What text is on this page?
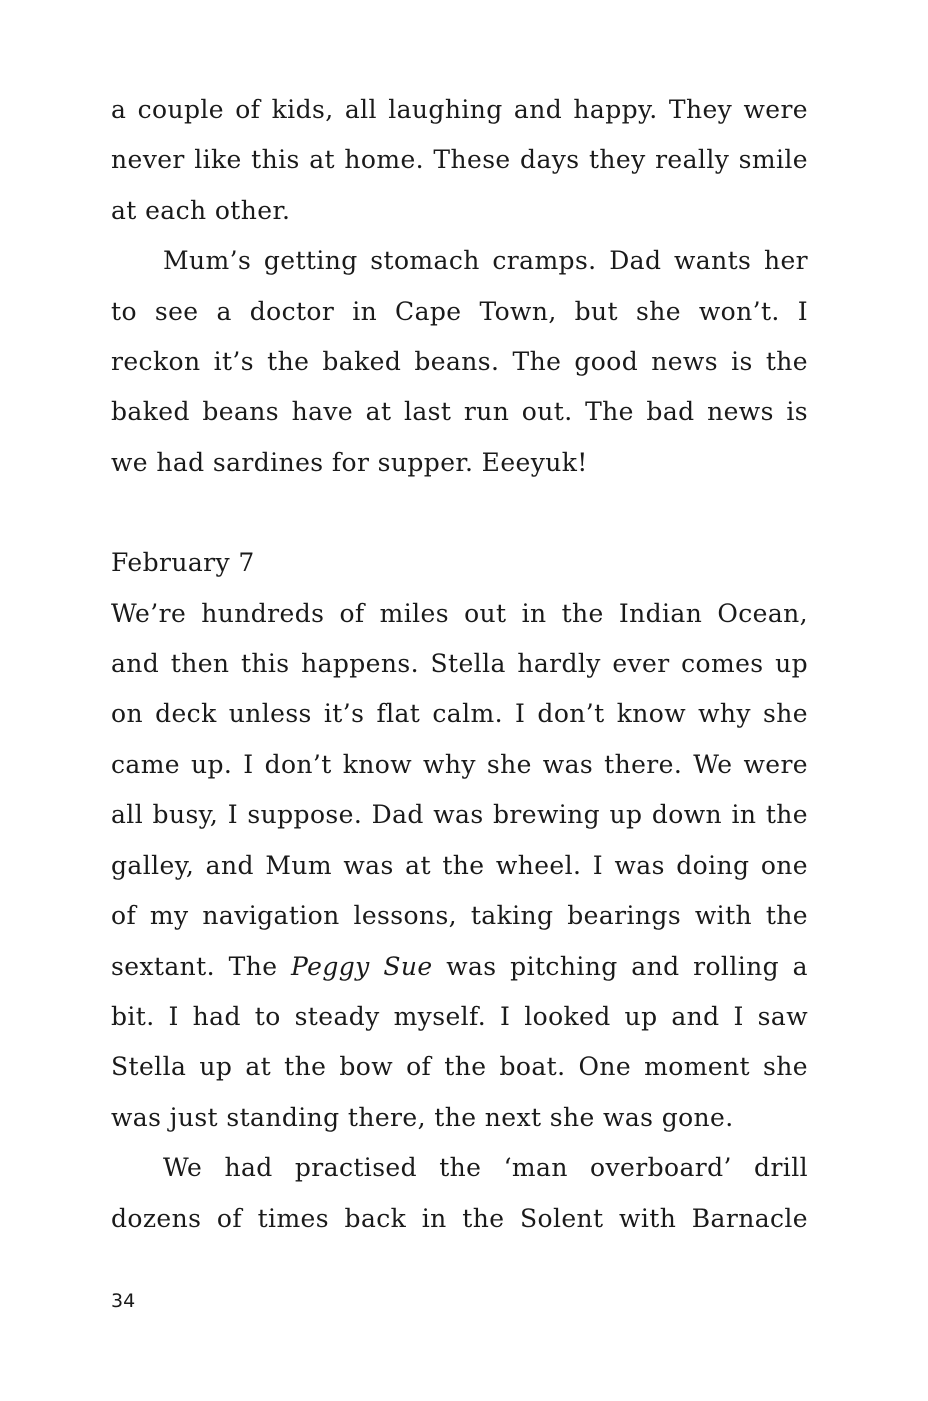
a couple of kids, all laughing and happy. They were never like this at home. These days they really smile at each other.

Mum’s getting stomach cramps. Dad wants her to see a doctor in Cape Town, but she won’t. I reckon it’s the baked beans. The good news is the baked beans have at last run out. The bad news is we had sardines for supper. Eeeyuk!

February 7

We’re hundreds of miles out in the Indian Ocean, and then this happens. Stella hardly ever comes up on deck unless it’s flat calm. I don’t know why she came up. I don’t know why she was there. We were all busy, I suppose. Dad was brewing up down in the galley, and Mum was at the wheel. I was doing one of my navigation lessons, taking bearings with the sextant. The Peggy Sue was pitching and rolling a bit. I had to steady myself. I looked up and I saw Stella up at the bow of the boat. One moment she was just standing there, the next she was gone.

We had practised the ‘man overboard’ drill dozens of times back in the Solent with Barnacle

34
